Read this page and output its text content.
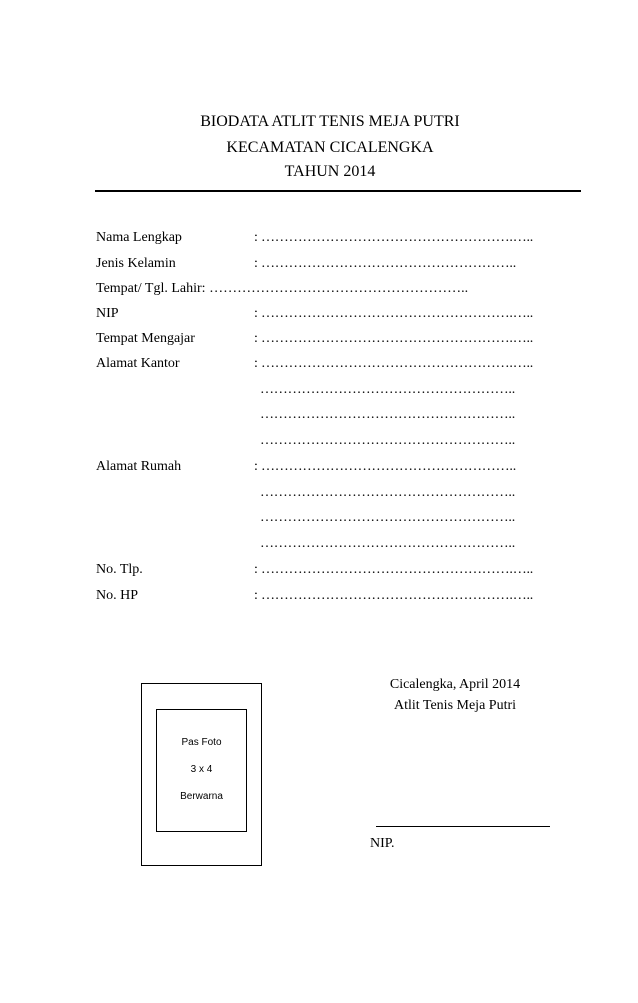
BIODATA ATLIT TENIS MEJA PUTRI
KECAMATAN CICALENGKA
TAHUN 2014
Nama Lengkap	: ……………………………………………….…..
Jenis Kelamin	: ………………………………………………..
Tempat/ Tgl. Lahir: ………………………………………………..
NIP	: ……………………………………………….…..
Tempat Mengajar	: ……………………………………………….…..
Alamat Kantor	: ……………………………………………….…..
………………………………………………..
………………………………………………..
………………………………………………..
Alamat Rumah	: ………………………………………………..
………………………………………………..
………………………………………………..
………………………………………………..
No. Tlp.	: ……………………………………………….…..
No. HP	: ……………………………………………….…..
Cicalengka, April 2014
Atlit Tenis Meja Putri
NIP.
Pas Foto
3 x 4
Berwarna
